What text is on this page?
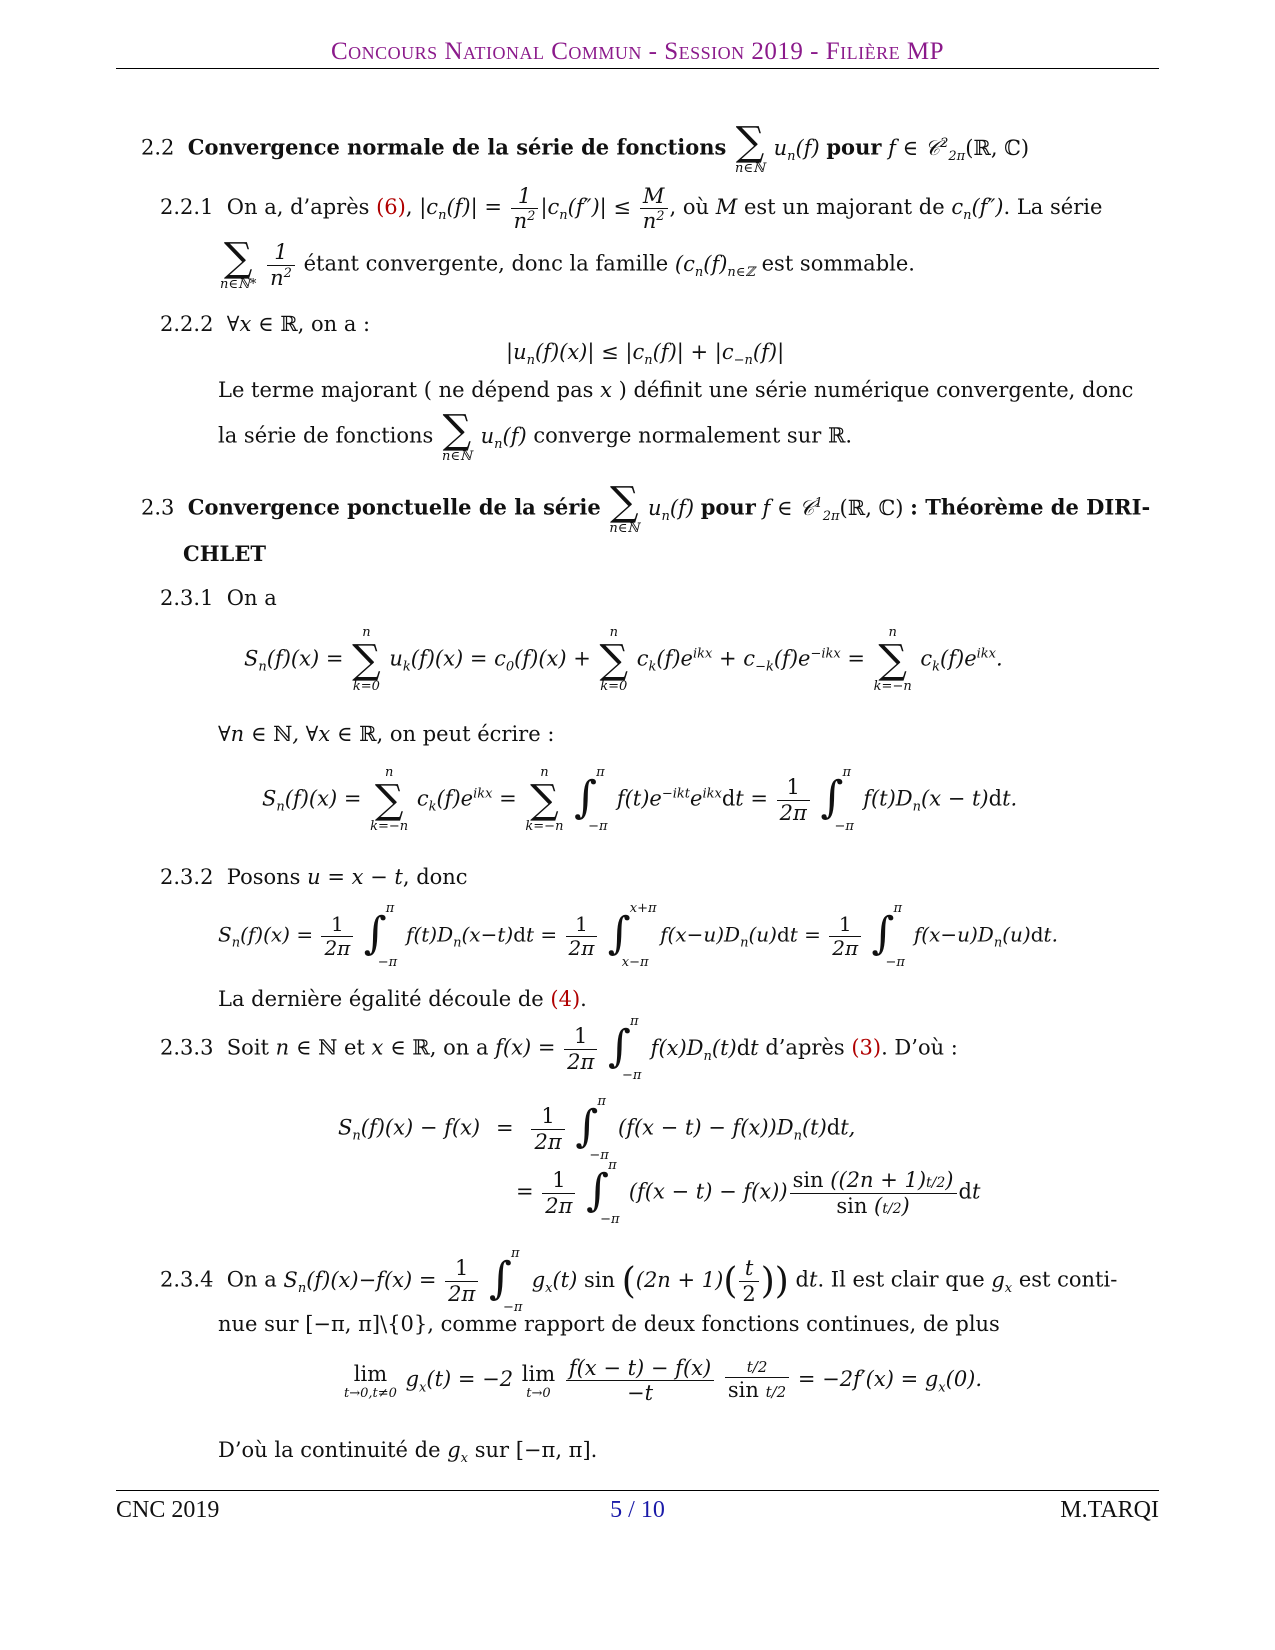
Concours National Commun - Session 2019 - Filière MP
2.2 Convergence normale de la série de fonctions ∑
n∈ℕ
$u_n(f)$ pour f ∈ 𝒞$^2_{2\pi}$(ℝ, ℂ)
2.2.1 On a, d’après (6), $|c_n(f)| = \frac{1}{n^2} |c_n(f'')| \le \frac{M}{n^2}$ , où M est un majorant de $c_n(f'')$. La série
∑
n∈ℕ*
$\frac{1}{n^2}$ étant convergente, donc la famille ($c_n(f)_{n\in ℤ}$ est sommable.
2.2.2 ∀x ∈ ℝ, on a :
$|u_n(f)(x)| \le |c_n(f)| + |c_{-n}(f)|$
Le terme majorant ( ne dépend pas x ) définit une série numérique convergente, donc
la série de fonctions ∑
n∈ℕ
$u_n(f)$ converge normalement sur ℝ.
2.3 Convergence ponctuelle de la série ∑
n∈ℕ
$u_n(f)$ pour f ∈ 𝒞$^1_{2\pi}$(ℝ, ℂ) : Théorème de DIRI-
CHLET
2.3.1 On a
$S_n(f)(x)$ =
n
∑
k=0
$u_k(f)(x) = c_0(f)(x)$ +
n
∑
k=0
$c_k(f)e^{ikx} + c_{-k}(f)e^{-ikx}$ =
n
∑
k=−n
$c_k(f)e^{ikx}$.
∀n ∈ ℕ, ∀x ∈ ℝ, on peut écrire :
$S_n(f)(x)$ =
n
∑
k=−n
$c_k(f)e^{ikx}$ =
n
∑
k=−n

∫ π
−π
$f(t)e^{-ikt}e^{ikx}dt = \frac{1}{2\pi}$
∫ π
−π
$f(t)D_n(x - t)dt$.
2.3.2 Posons u = x − t, donc
$S_n(f)(x) = \frac{1}{2\pi}$
∫ π
−π
$f(t)D_n(x-t)dt = \frac{1}{2\pi}$
∫ x+π
x−π
$f(x-u)D_n(u)dt = \frac{1}{2\pi}$
∫ π
−π
$f(x-u)D_n(u)dt$.
La dernière égalité découle de (4).
2.3.3 Soit n ∈ ℕ et x ∈ ℝ, on a $f(x) = \frac{1}{2\pi}$
∫ π
−π
$f(x)D_n(t)dt$ d’après (3). D’où :
$S_n(f)(x) - f(x) = \frac{1}{2\pi}$
∫ π
−π
$(f(x - t) - f(x))D_n(t)dt$,
= $\frac{1}{2\pi}$
∫ π
−π
$(f(x - t) - f(x)) \frac{\sin ((2n + 1)t/2)}{\sin (t/2)}$ dt
2.3.4 On a $S_n(f)(x)-f(x) = \frac{1}{2\pi}$
∫ π
−π
$g_x(t)$ $\sin ((2n + 1)( \frac{t}{2}$ )) dt. Il est clair que $g_x$ est conti-
nue sur [−π, π]\{0}, comme rapport de deux fonctions continues, de plus
lim
t→0,t≠0
$g_x(t) = -2$ lim
t→0
$\frac{f(x - t) - f(x)}{-t}$
$\frac{t/2}{\text{sin t/2}} = -2f'(x) = g_x(0)$.
D’où la continuité de $g_x$ sur [−π, π].
CNC 2019	5 / 10	M.TARQI
